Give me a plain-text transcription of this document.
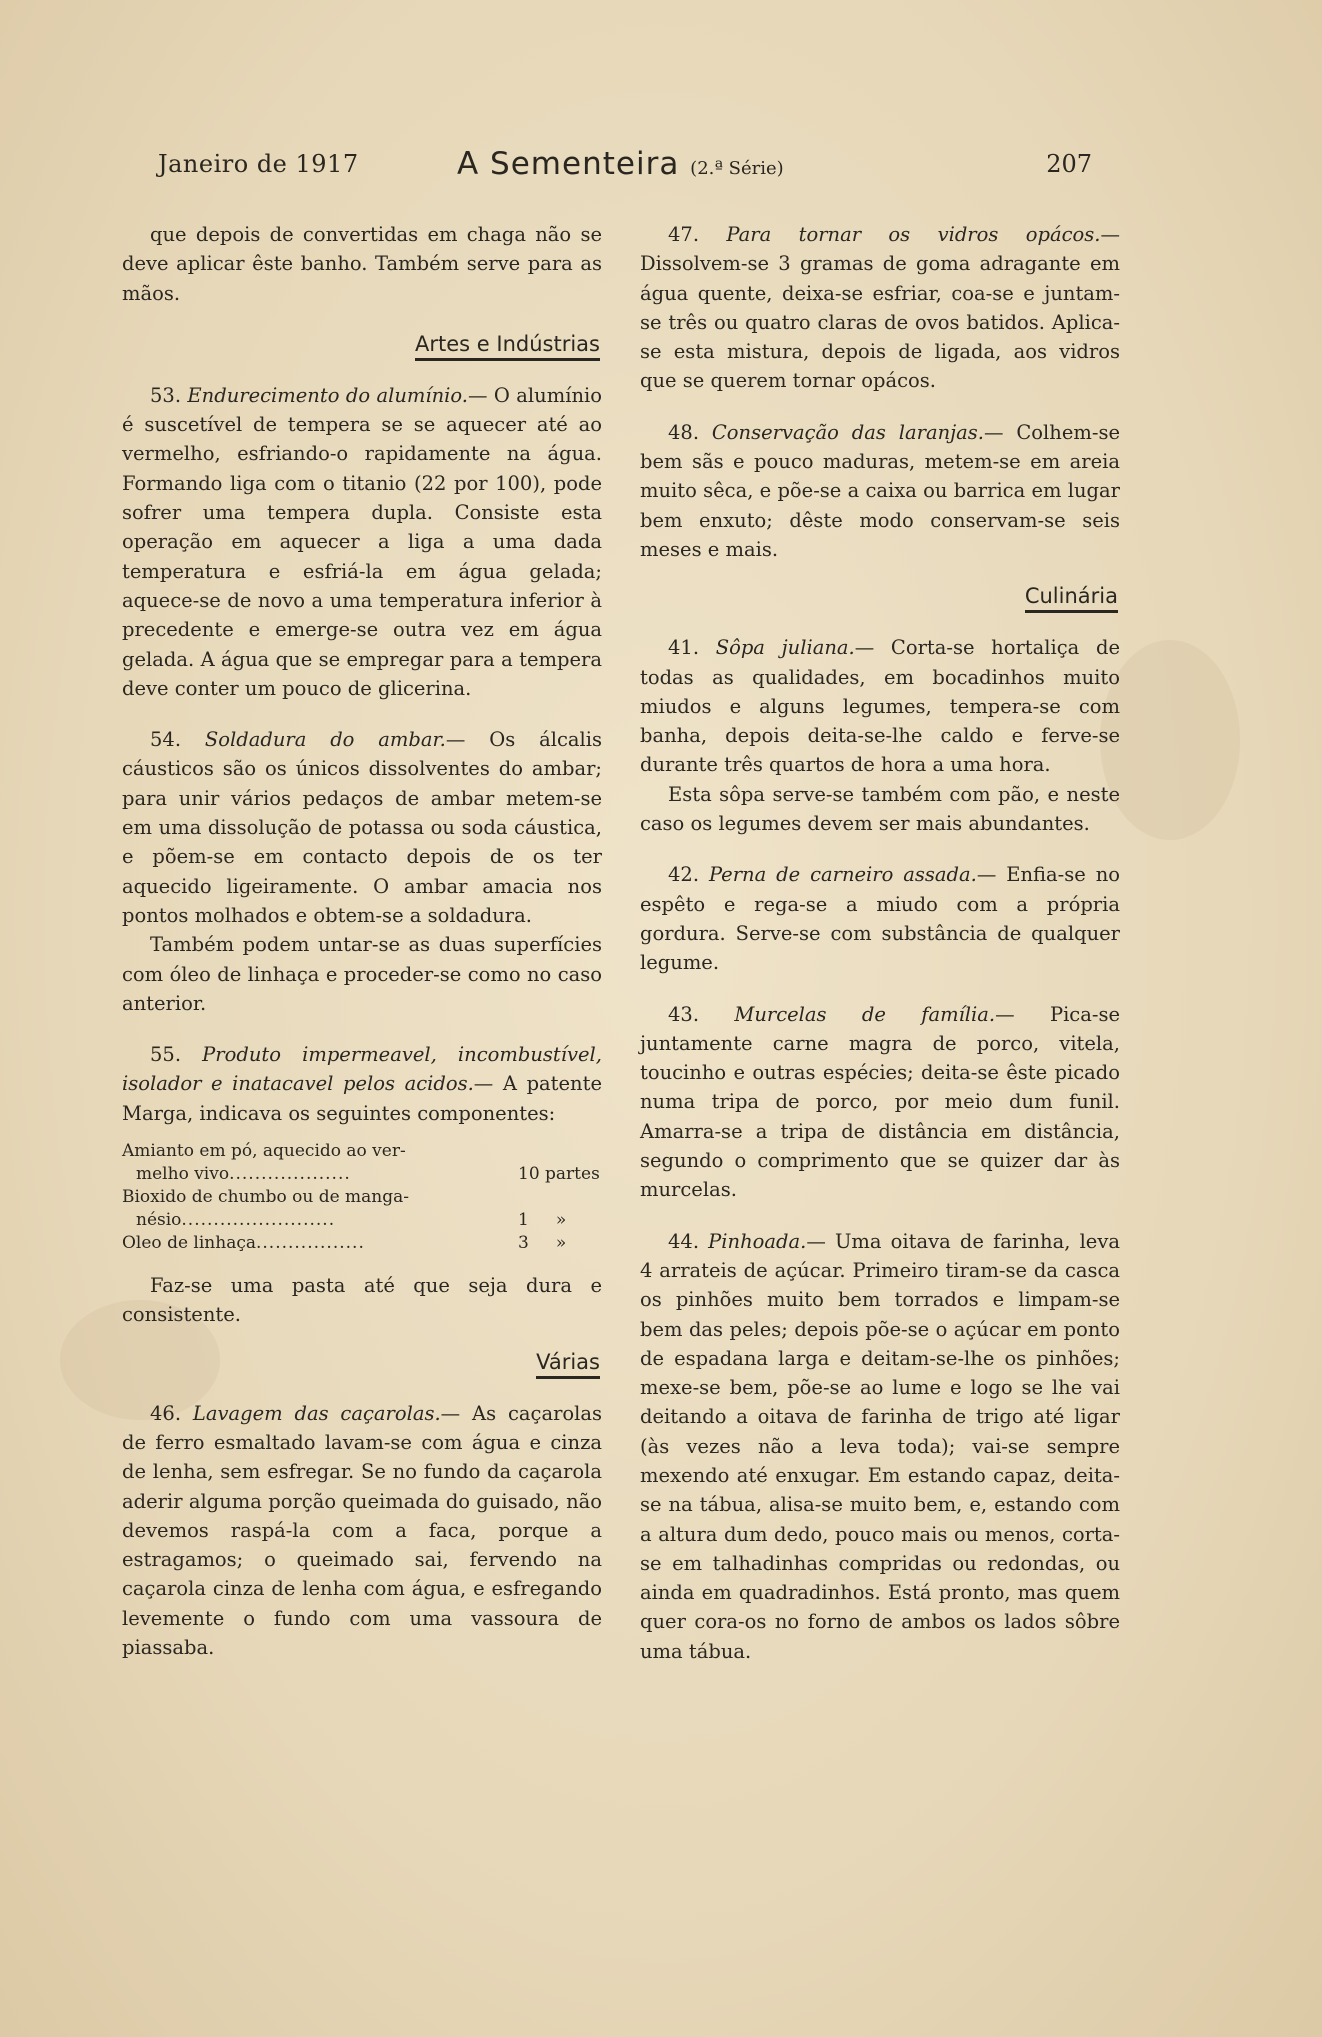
Janeiro de 1917	A Sementeira (2.ª Série)	207

que depois de convertidas em chaga não se deve aplicar êste banho. Também serve para as mãos.

Artes e Indústrias

53. Endurecimento do alumínio.— O alumínio é suscetível de tempera se se aquecer até ao vermelho, esfriando-o rapidamente na água. Formando liga com o titanio (22 por 100), pode sofrer uma tempera dupla. Consiste esta operação em aquecer a liga a uma dada temperatura e esfriá-la em água gelada; aquece-se de novo a uma temperatura inferior à precedente e emerge-se outra vez em água gelada. A água que se empregar para a tempera deve conter um pouco de glicerina.

54. Soldadura do ambar.— Os álcalis cáusticos são os únicos dissolventes do ambar; para unir vários pedaços de ambar metem-se em uma dissolução de potassa ou soda cáustica, e põem-se em contacto depois de os ter aquecido ligeiramente. O ambar amacia nos pontos molhados e obtem-se a soldadura.

Também podem untar-se as duas superfícies com óleo de linhaça e proceder-se como no caso anterior.

55. Produto impermeavel, incombustível, isolador e inatacavel pelos acidos.— A patente Marga, indicava os seguintes componentes:

Amianto em pó, aquecido ao ver-
melho vivo...................	10 partes
Bioxido de chumbo ou de manga-
nésio........................	1     »
Oleo de linhaça.................	3     »

Faz-se uma pasta até que seja dura e consistente.

Várias

46. Lavagem das caçarolas.— As caçarolas de ferro esmaltado lavam-se com água e cinza de lenha, sem esfregar. Se no fundo da caçarola aderir alguma porção queimada do guisado, não devemos raspá-la com a faca, porque a estragamos; o queimado sai, fervendo na caçarola cinza de lenha com água, e esfregando levemente o fundo com uma vassoura de piassaba.

47. Para tornar os vidros opácos.— Dissolvem-se 3 gramas de goma adragante em água quente, deixa-se esfriar, coa-se e juntam-se três ou quatro claras de ovos batidos. Aplica-se esta mistura, depois de ligada, aos vidros que se querem tornar opácos.

48. Conservação das laranjas.— Colhem-se bem sãs e pouco maduras, metem-se em areia muito sêca, e põe-se a caixa ou barrica em lugar bem enxuto; dêste modo conservam-se seis meses e mais.

Culinária

41. Sôpa juliana.— Corta-se hortaliça de todas as qualidades, em bocadinhos muito miudos e alguns legumes, tempera-se com banha, depois deita-se-lhe caldo e ferve-se durante três quartos de hora a uma hora.

Esta sôpa serve-se também com pão, e neste caso os legumes devem ser mais abundantes.

42. Perna de carneiro assada.— Enfia-se no espêto e rega-se a miudo com a própria gordura. Serve-se com substância de qualquer legume.

43. Murcelas de família.— Pica-se juntamente carne magra de porco, vitela, toucinho e outras espécies; deita-se êste picado numa tripa de porco, por meio dum funil. Amarra-se a tripa de distância em distância, segundo o comprimento que se quizer dar às murcelas.

44. Pinhoada.— Uma oitava de farinha, leva 4 arrateis de açúcar. Primeiro tiram-se da casca os pinhões muito bem torrados e limpam-se bem das peles; depois põe-se o açúcar em ponto de espadana larga e deitam-se-lhe os pinhões; mexe-se bem, põe-se ao lume e logo se lhe vai deitando a oitava de farinha de trigo até ligar (às vezes não a leva toda); vai-se sempre mexendo até enxugar. Em estando capaz, deita-se na tábua, alisa-se muito bem, e, estando com a altura dum dedo, pouco mais ou menos, corta-se em talhadinhas compridas ou redondas, ou ainda em quadradinhos. Está pronto, mas quem quer cora-os no forno de ambos os lados sôbre uma tábua.
